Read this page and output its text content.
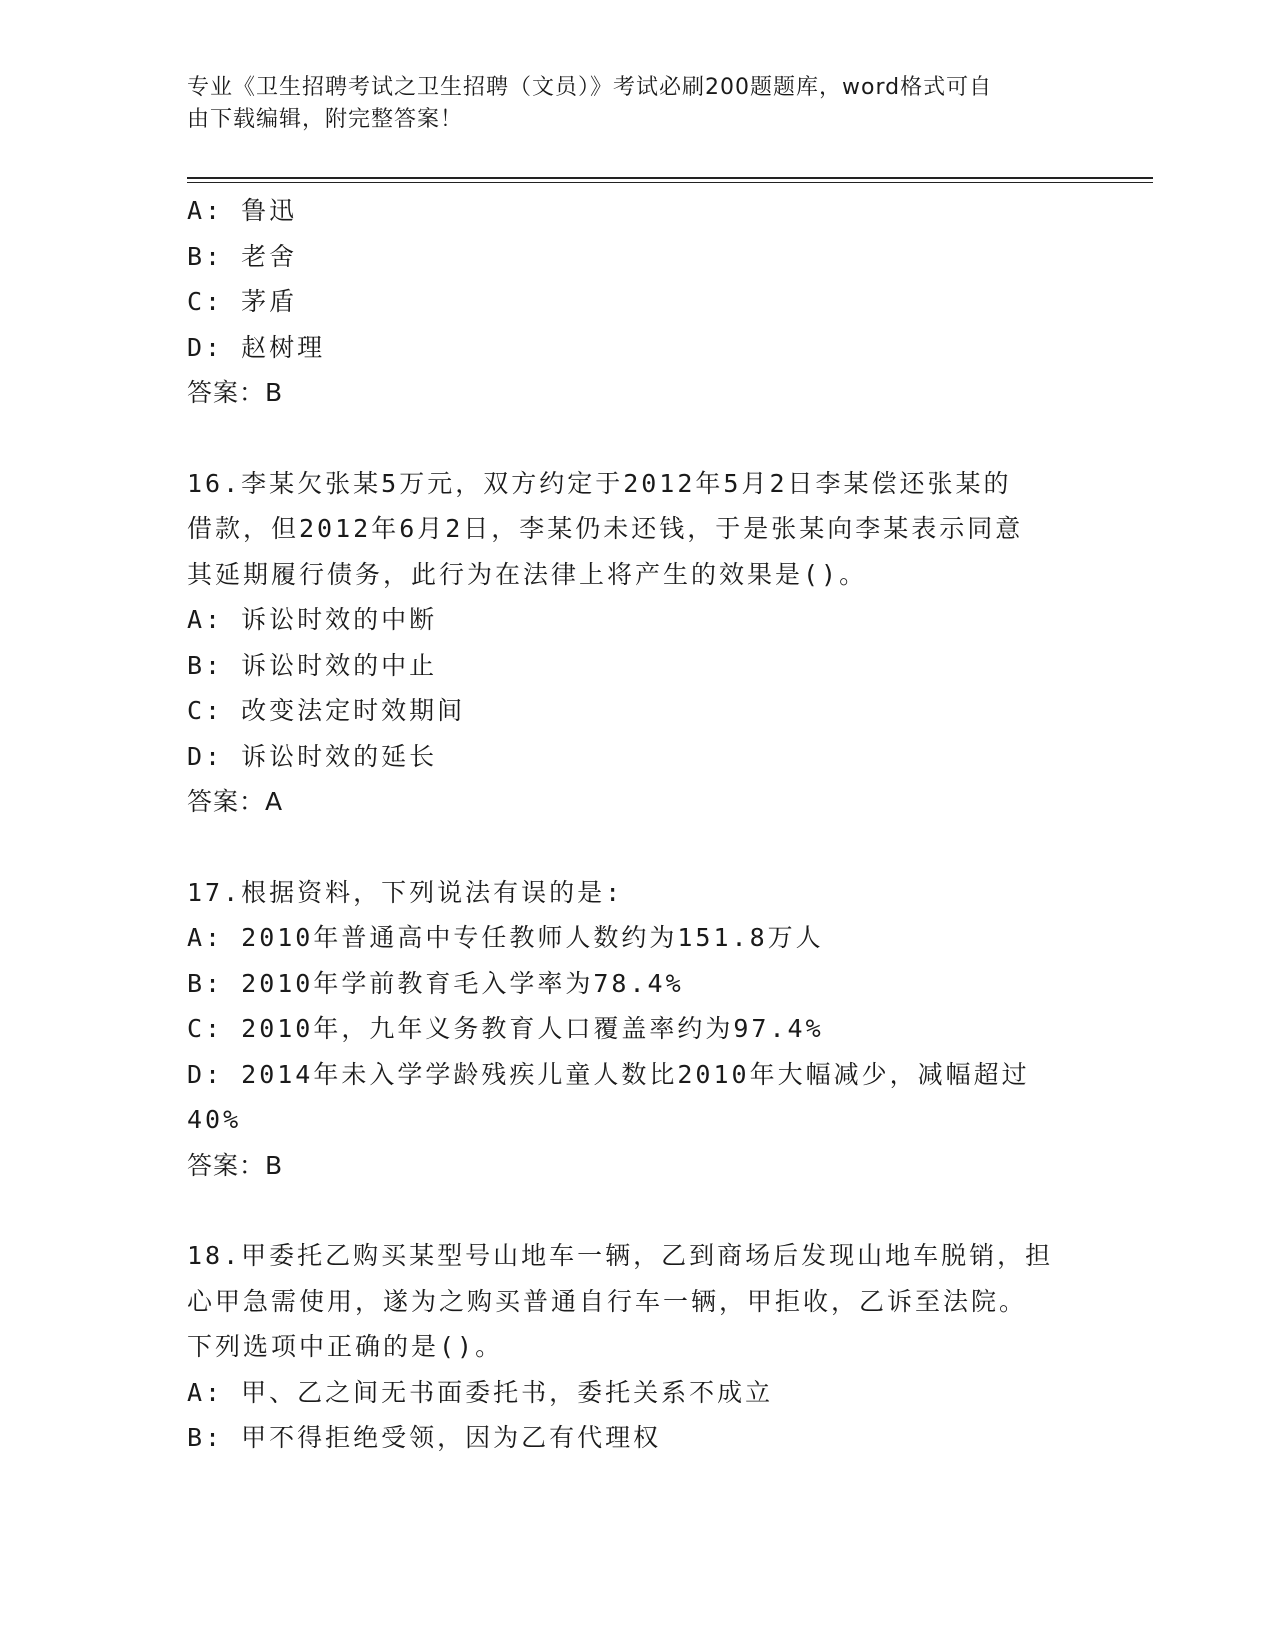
专业《卫生招聘考试之卫生招聘（文员）》考试必刷200题题库，word格式可自
由下载编辑，附完整答案！
A: 鲁迅
B: 老舍
C: 茅盾
D: 赵树理
答案：B
16.李某欠张某5万元，双方约定于2012年5月2日李某偿还张某的
借款，但2012年6月2日，李某仍未还钱，于是张某向李某表示同意
其延期履行债务，此行为在法律上将产生的效果是()。
A: 诉讼时效的中断
B: 诉讼时效的中止
C: 改变法定时效期间
D: 诉讼时效的延长
答案：A
17.根据资料，下列说法有误的是:
A: 2010年普通高中专任教师人数约为151.8万人
B: 2010年学前教育毛入学率为78.4%
C: 2010年，九年义务教育人口覆盖率约为97.4%
D: 2014年未入学学龄残疾儿童人数比2010年大幅减少，减幅超过
40%
答案：B
18.甲委托乙购买某型号山地车一辆，乙到商场后发现山地车脱销，担
心甲急需使用，遂为之购买普通自行车一辆，甲拒收，乙诉至法院。
下列选项中正确的是()。
A: 甲、乙之间无书面委托书，委托关系不成立
B: 甲不得拒绝受领，因为乙有代理权
